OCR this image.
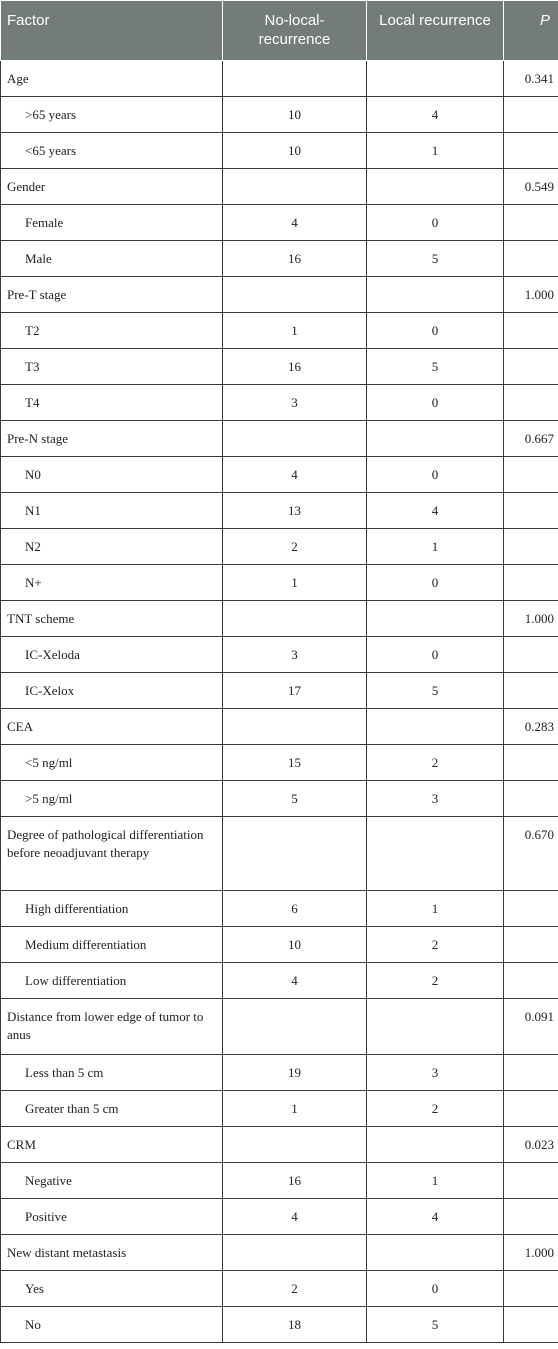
Factor	No-local-recurrence	Local recurrence	P
Age			0.341
>65 years	10	4	
<65 years	10	1	
Gender			0.549
Female	4	0	
Male	16	5	
Pre-T stage			1.000
T2	1	0	
T3	16	5	
T4	3	0	
Pre-N stage			0.667
N0	4	0	
N1	13	4	
N2	2	1	
N+	1	0	
TNT scheme			1.000
IC-Xeloda	3	0	
IC-Xelox	17	5	
CEA			0.283
<5 ng/ml	15	2	
>5 ng/ml	5	3	
Degree of pathological differentiation before neoadjuvant therapy			0.670
High differentiation	6	1	
Medium differentiation	10	2	
Low differentiation	4	2	
Distance from lower edge of tumor to anus			0.091
Less than 5 cm	19	3	
Greater than 5 cm	1	2	
CRM			0.023
Negative	16	1	
Positive	4	4	
New distant metastasis			1.000
Yes	2	0	
No	18	5	
